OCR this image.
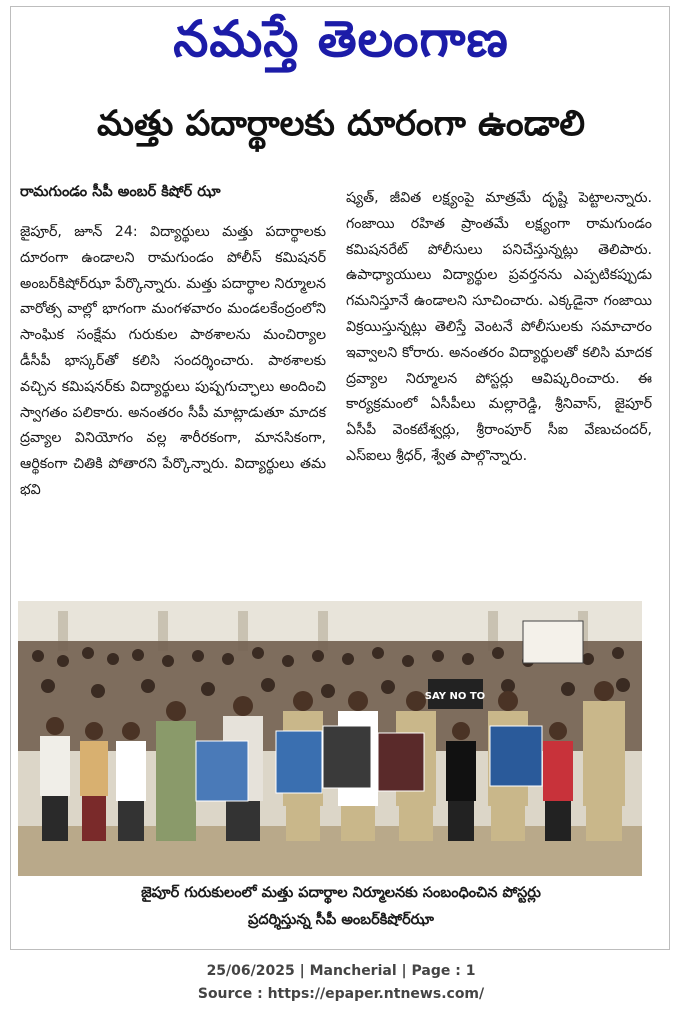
నమస్తే తెలంగాణ
మత్తు పదార్థాలకు దూరంగా ఉండాలి
రామగుండం సీపీ అంబర్ కిషోర్ ఝా

జైపూర్, జూన్ 24: విద్యార్థులు మత్తు పదార్థాలకు దూరంగా ఉండాలని రామగుండం పోలీస్ కమిషనర్ అంబర్‌కిషోర్‌ఝా పేర్కొన్నారు. మత్తు పదార్థాల నిర్మూలన వారోత్స వాల్లో భాగంగా మంగళవారం మండలకేంద్రంలోని సాంఘిక సంక్షేమ గురుకుల పాఠశాలను మంచిర్యాల డీసీపీ భాస్కర్‌తో కలిసి సందర్శించారు. పాఠశాలకు వచ్చిన కమిషనర్‌కు విద్యార్థులు పుష్పగుచ్ఛాలు అందించి స్వాగతం పలికారు. అనంతరం సీపీ మాట్లాడుతూ మాదక ద్రవ్యాల వినియోగం వల్ల శారీరకంగా, మానసికంగా, ఆర్థికంగా చితికి పోతారని పేర్కొన్నారు. విద్యార్థులు తమ భవి

ష్యత్, జీవిత లక్ష్యంపై మాత్రమే దృష్టి పెట్టాలన్నారు. గంజాయి రహిత ప్రాంతమే లక్ష్యంగా రామగుండం కమిషనరేట్ పోలీసులు పనిచేస్తున్నట్లు తెలిపారు. ఉపాధ్యాయులు విద్యార్థుల ప్రవర్తనను ఎప్పటికప్పుడు గమనిస్తూనే ఉండాలని సూచించారు. ఎక్కడైనా గంజాయి విక్రయిస్తున్నట్లు తెలిస్తే వెంటనే పోలీసులకు సమాచారం ఇవ్వాలని కోరారు. అనంతరం విద్యార్థులతో కలిసి మాదక ద్రవ్యాల నిర్మూలన పోస్టర్లు ఆవిష్కరించారు. ఈ కార్యక్రమంలో ఏసీపీలు మల్లారెడ్డి, శ్రీనివాస్, జైపూర్ ఏసీపీ వెంకటేశ్వర్లు, శ్రీరాంపూర్ సీఐ వేణుచందర్, ఎస్ఐలు శ్రీధర్, శ్వేత పాల్గొన్నారు.

SAY NO TO
జైపూర్ గురుకులంలో మత్తు పదార్థాల నిర్మూలనకు సంబంధించిన పోస్టర్లు
ప్రదర్శిస్తున్న సీపీ అంబర్‌కిషోర్‌ఝా
25/06/2025 | Mancherial | Page : 1
Source : https://epaper.ntnews.com/
